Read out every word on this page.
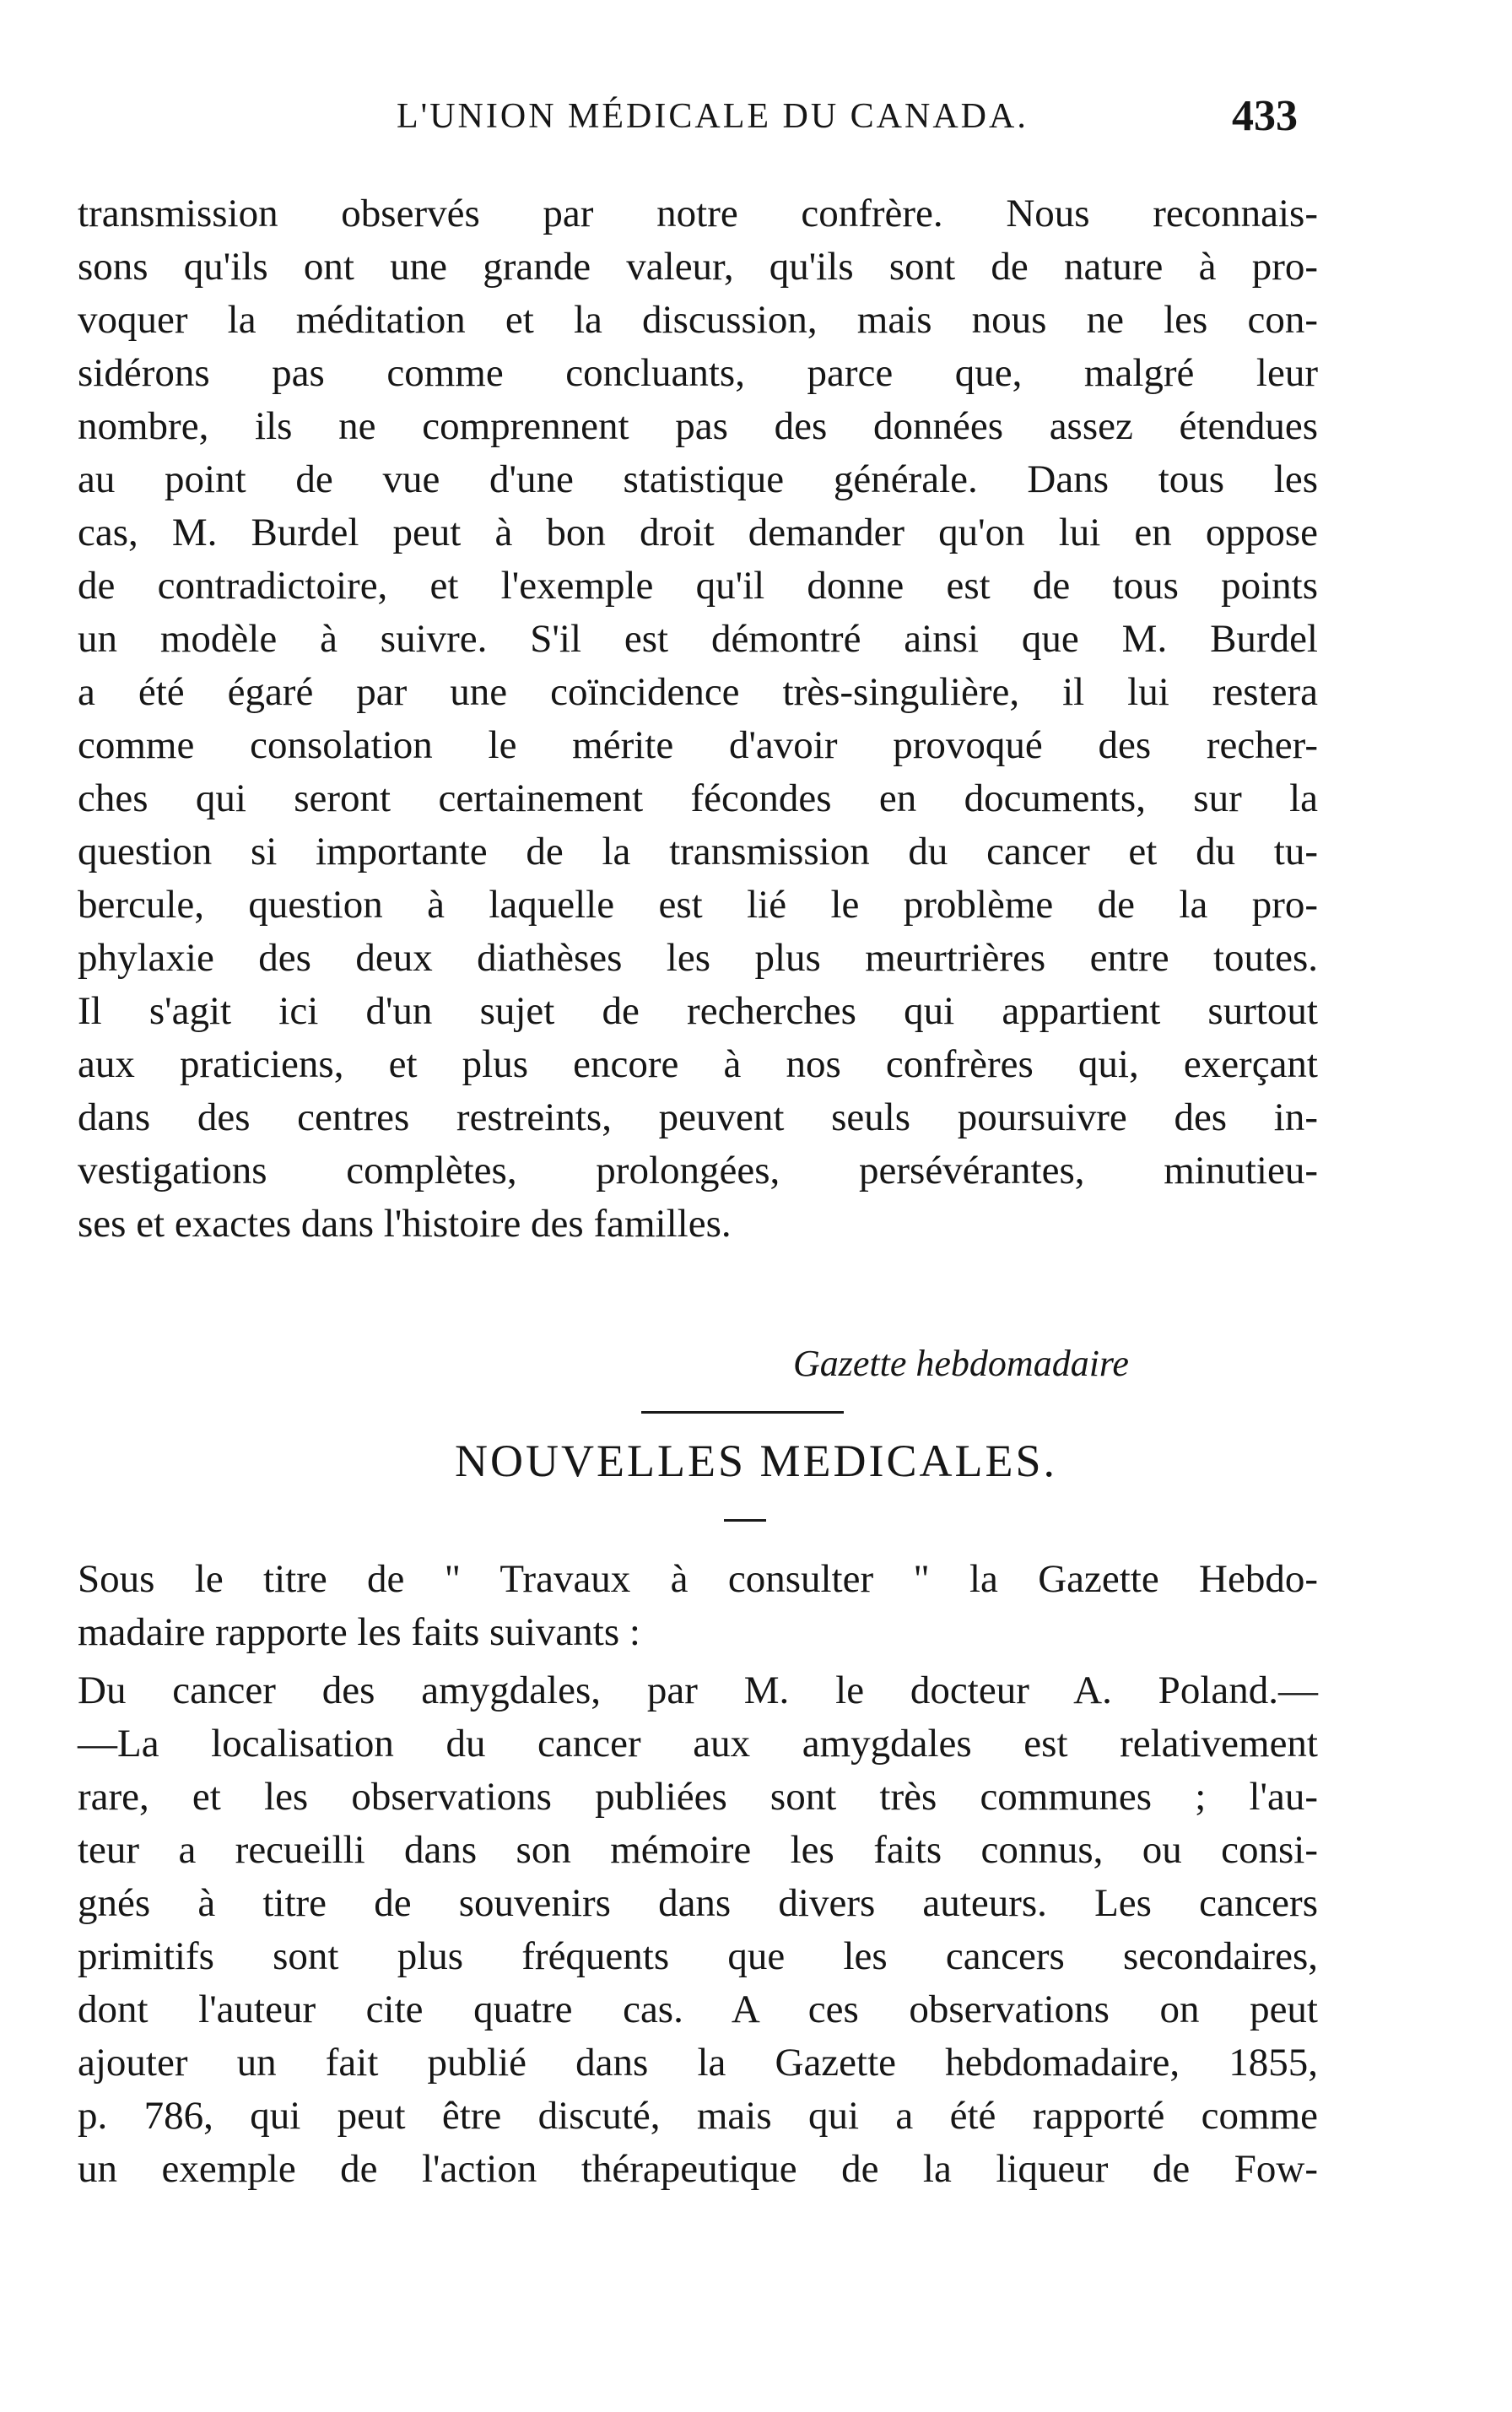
L'UNION MÉDICALE DU CANADA.	433
transmission observés par notre confrère. Nous reconnais-
sons qu'ils ont une grande valeur, qu'ils sont de nature à pro-
voquer la méditation et la discussion, mais nous ne les con-
sidérons pas comme concluants, parce que, malgré leur
nombre, ils ne comprennent pas des données assez étendues
au point de vue d'une statistique générale. Dans tous les
cas, M. Burdel peut à bon droit demander qu'on lui en oppose
de contradictoire, et l'exemple qu'il donne est de tous points
un modèle à suivre. S'il est démontré ainsi que M. Burdel
a été égaré par une coïncidence très-singulière, il lui restera
comme consolation le mérite d'avoir provoqué des recher-
ches qui seront certainement fécondes en documents, sur la
question si importante de la transmission du cancer et du tu-
bercule, question à laquelle est lié le problème de la pro-
phylaxie des deux diathèses les plus meurtrières entre toutes.
Il s'agit ici d'un sujet de recherches qui appartient surtout
aux praticiens, et plus encore à nos confrères qui, exerçant
dans des centres restreints, peuvent seuls poursuivre des in-
vestigations complètes, prolongées, persévérantes, minutieu-
ses et exactes dans l'histoire des familles.
Gazette hebdomadaire
NOUVELLES MEDICALES.
Sous le titre de " Travaux à consulter " la Gazette Hebdo-
madaire rapporte les faits suivants :
Du cancer des amygdales, par M. le docteur A. Poland.—
—La localisation du cancer aux amygdales est relativement
rare, et les observations publiées sont très communes ; l'au-
teur a recueilli dans son mémoire les faits connus, ou consi-
gnés à titre de souvenirs dans divers auteurs. Les cancers
primitifs sont plus fréquents que les cancers secondaires,
dont l'auteur cite quatre cas. A ces observations on peut
ajouter un fait publié dans la Gazette hebdomadaire, 1855,
p. 786, qui peut être discuté, mais qui a été rapporté comme
un exemple de l'action thérapeutique de la liqueur de Fow-
